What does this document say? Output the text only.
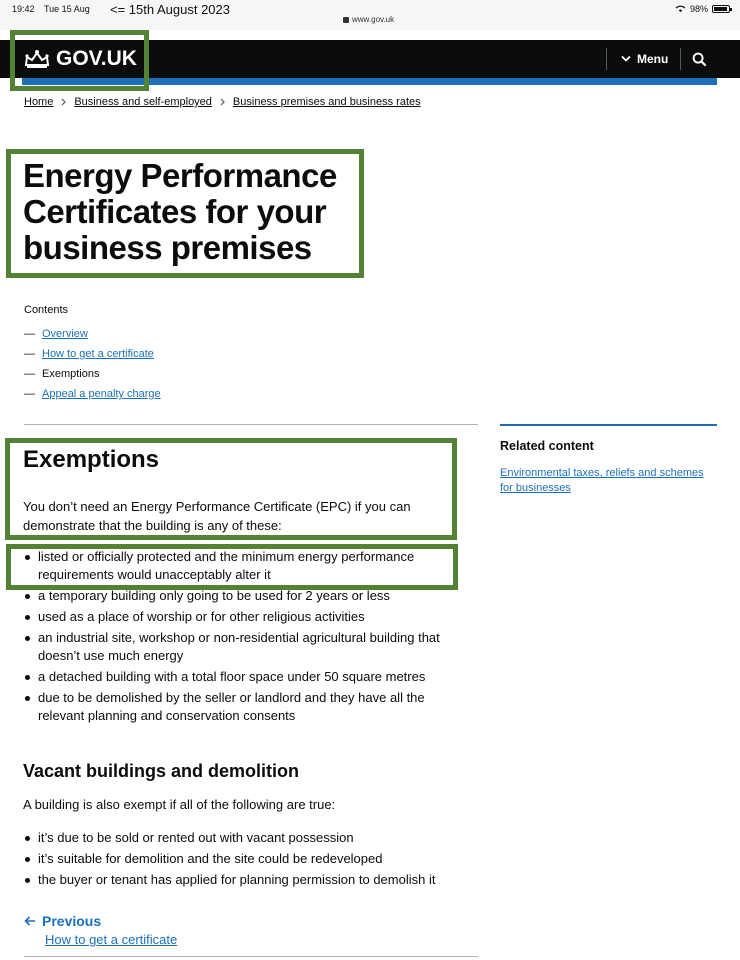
19:42 Tue 15 Aug <= 15th August 2023
www.gov.uk
98%
GOV.UK	Menu
Home Business and self-employed Business premises and business rates
Energy Performance Certificates for your business premises
Contents
— Overview
— How to get a certificate
— Exemptions
— Appeal a penalty charge
Related content
Environmental taxes, reliefs and schemes for businesses
Exemptions

You don’t need an Energy Performance Certificate (EPC) if you can demonstrate that the building is any of these:

listed or officially protected and the minimum energy performance requirements would unacceptably alter it
a temporary building only going to be used for 2 years or less
used as a place of worship or for other religious activities
an industrial site, workshop or non-residential agricultural building that doesn’t use much energy
a detached building with a total floor space under 50 square metres
due to be demolished by the seller or landlord and they have all the relevant planning and conservation consents
Vacant buildings and demolition

A building is also exempt if all of the following are true:

it’s due to be sold or rented out with vacant possession
it’s suitable for demolition and the site could be redeveloped
the buyer or tenant has applied for planning permission to demolish it
Previous
How to get a certificate
